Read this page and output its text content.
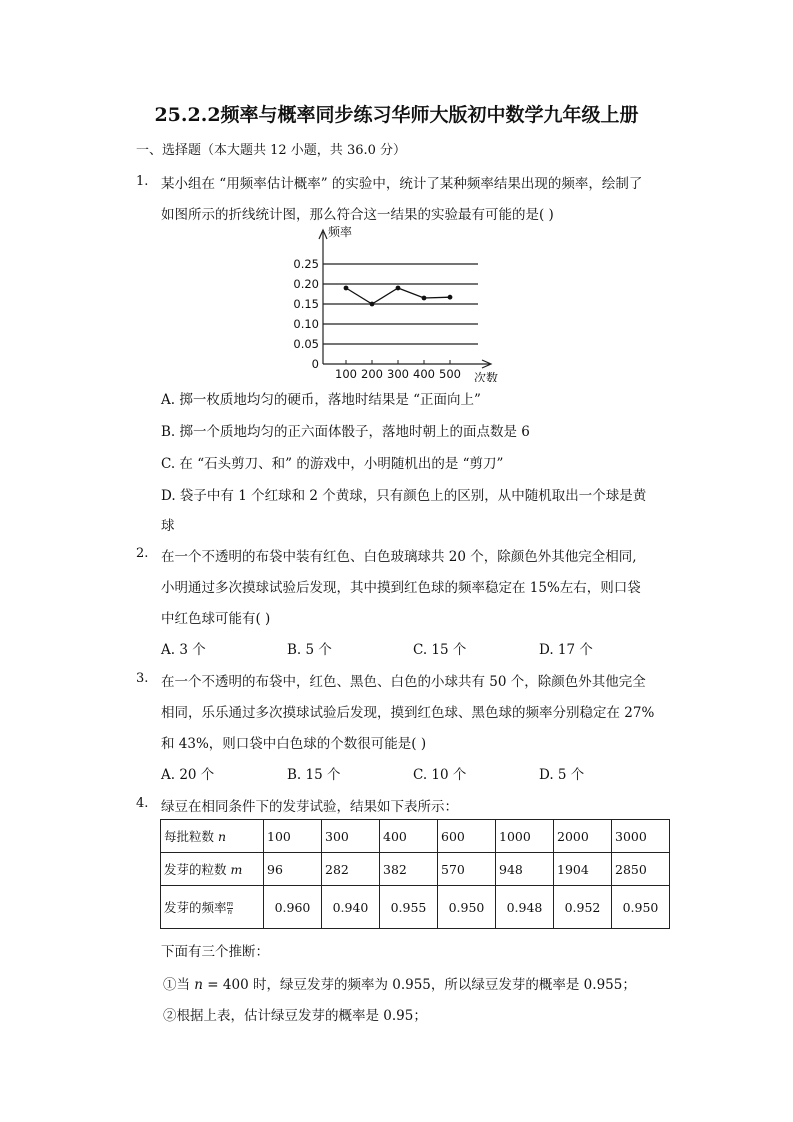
25.2.2频率与概率同步练习华师大版初中数学九年级上册
一、选择题（本大题共 12 小题，共 36.0 分）
1. 某小组在 “用频率估计概率” 的实验中，统计了某种频率结果出现的频率，绘制了
如图所示的折线统计图，那么符合这一结果的实验最有可能的是( )
0.25
0.20
0.15
0.10
0.05
0
频率
次数
100 200 300 400 500
A. 掷一枚质地均匀的硬币，落地时结果是 “正面向上”
B. 掷一个质地均匀的正六面体骰子，落地时朝上的面点数是 6
C. 在 “石头剪刀、和” 的游戏中，小明随机出的是 “剪刀”
D. 袋子中有 1 个红球和 2 个黄球，只有颜色上的区别，从中随机取出一个球是黄
球
2. 在一个不透明的布袋中装有红色、白色玻璃球共 20 个，除颜色外其他完全相同,
小明通过多次摸球试验后发现，其中摸到红色球的频率稳定在 15%左右，则口袋
中红色球可能有( )
A. 3 个	B. 5 个	C. 15 个	D. 17 个
3. 在一个不透明的布袋中，红色、黑色、白色的小球共有 50 个，除颜色外其他完全
相同，乐乐通过多次摸球试验后发现，摸到红色球、黑色球的频率分别稳定在 27%
和 43%，则口袋中白色球的个数很可能是( )
A. 20 个	B. 15 个	C. 10 个	D. 5 个
4. 绿豆在相同条件下的发芽试验，结果如下表所示：
每批粒数 n	100	300	400	600	1000	2000	3000
发芽的粒数 m	96	282	382	570	948	1904	2850
发芽的频率 $\frac{m}{n}$	0.960	0.940	0.955	0.950	0.948	0.952	0.950
下面有三个推断：
①当 n = 400 时，绿豆发芽的频率为 0.955，所以绿豆发芽的概率是 0.955；
②根据上表，估计绿豆发芽的概率是 0.95；
